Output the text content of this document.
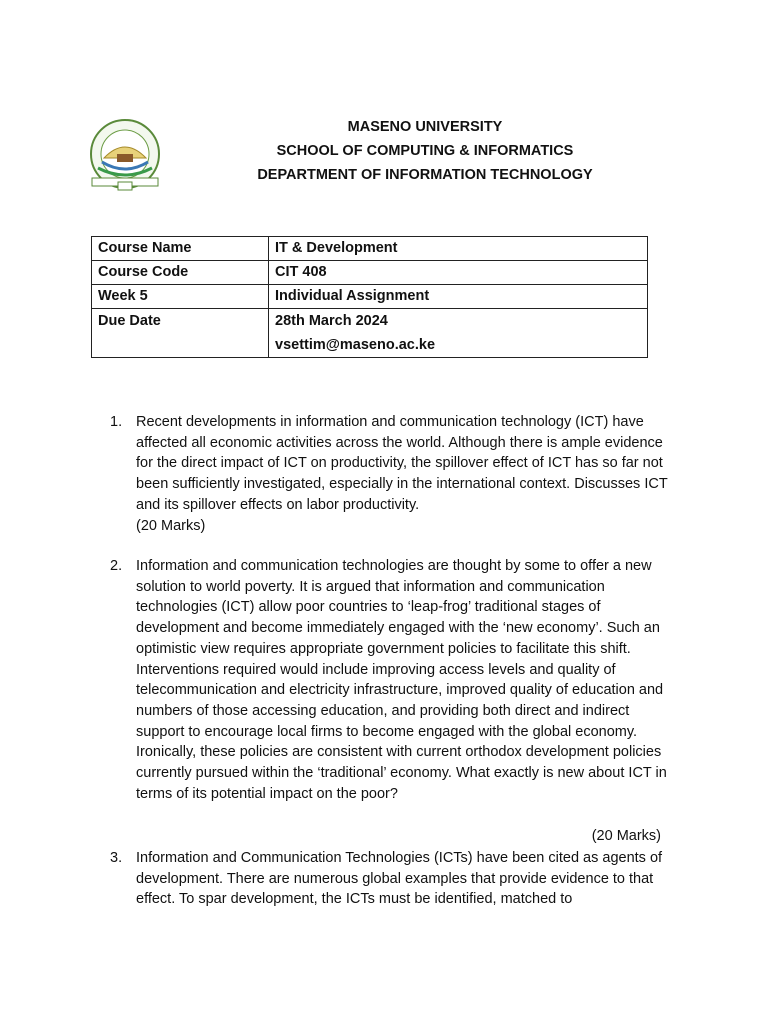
MASENO UNIVERSITY
SCHOOL OF COMPUTING & INFORMATICS
DEPARTMENT OF INFORMATION TECHNOLOGY
Course Name	IT & Development
Course Code	CIT 408
Week 5	Individual Assignment
Due Date	28th March 2024
vsettim@maseno.ac.ke
1. Recent developments in information and communication technology (ICT) have affected all economic activities across the world. Although there is ample evidence for the direct impact of ICT on productivity, the spillover effect of ICT has so far not been sufficiently investigated, especially in the international context. Discusses ICT and its spillover effects on labor productivity.
(20 Marks)
2. Information and communication technologies are thought by some to offer a new solution to world poverty. It is argued that information and communication technologies (ICT) allow poor countries to ‘leap-frog’ traditional stages of development and become immediately engaged with the ‘new economy’. Such an optimistic view requires appropriate government policies to facilitate this shift. Interventions required would include improving access levels and quality of telecommunication and electricity infrastructure, improved quality of education and numbers of those accessing education, and providing both direct and indirect support to encourage local firms to become engaged with the global economy. Ironically, these policies are consistent with current orthodox development policies currently pursued within the ‘traditional’ economy. What exactly is new about ICT in terms of its potential impact on the poor?
(20 Marks)
3. Information and Communication Technologies (ICTs) have been cited as agents of development. There are numerous global examples that provide evidence to that effect. To spar development, the ICTs must be identified, matched to
